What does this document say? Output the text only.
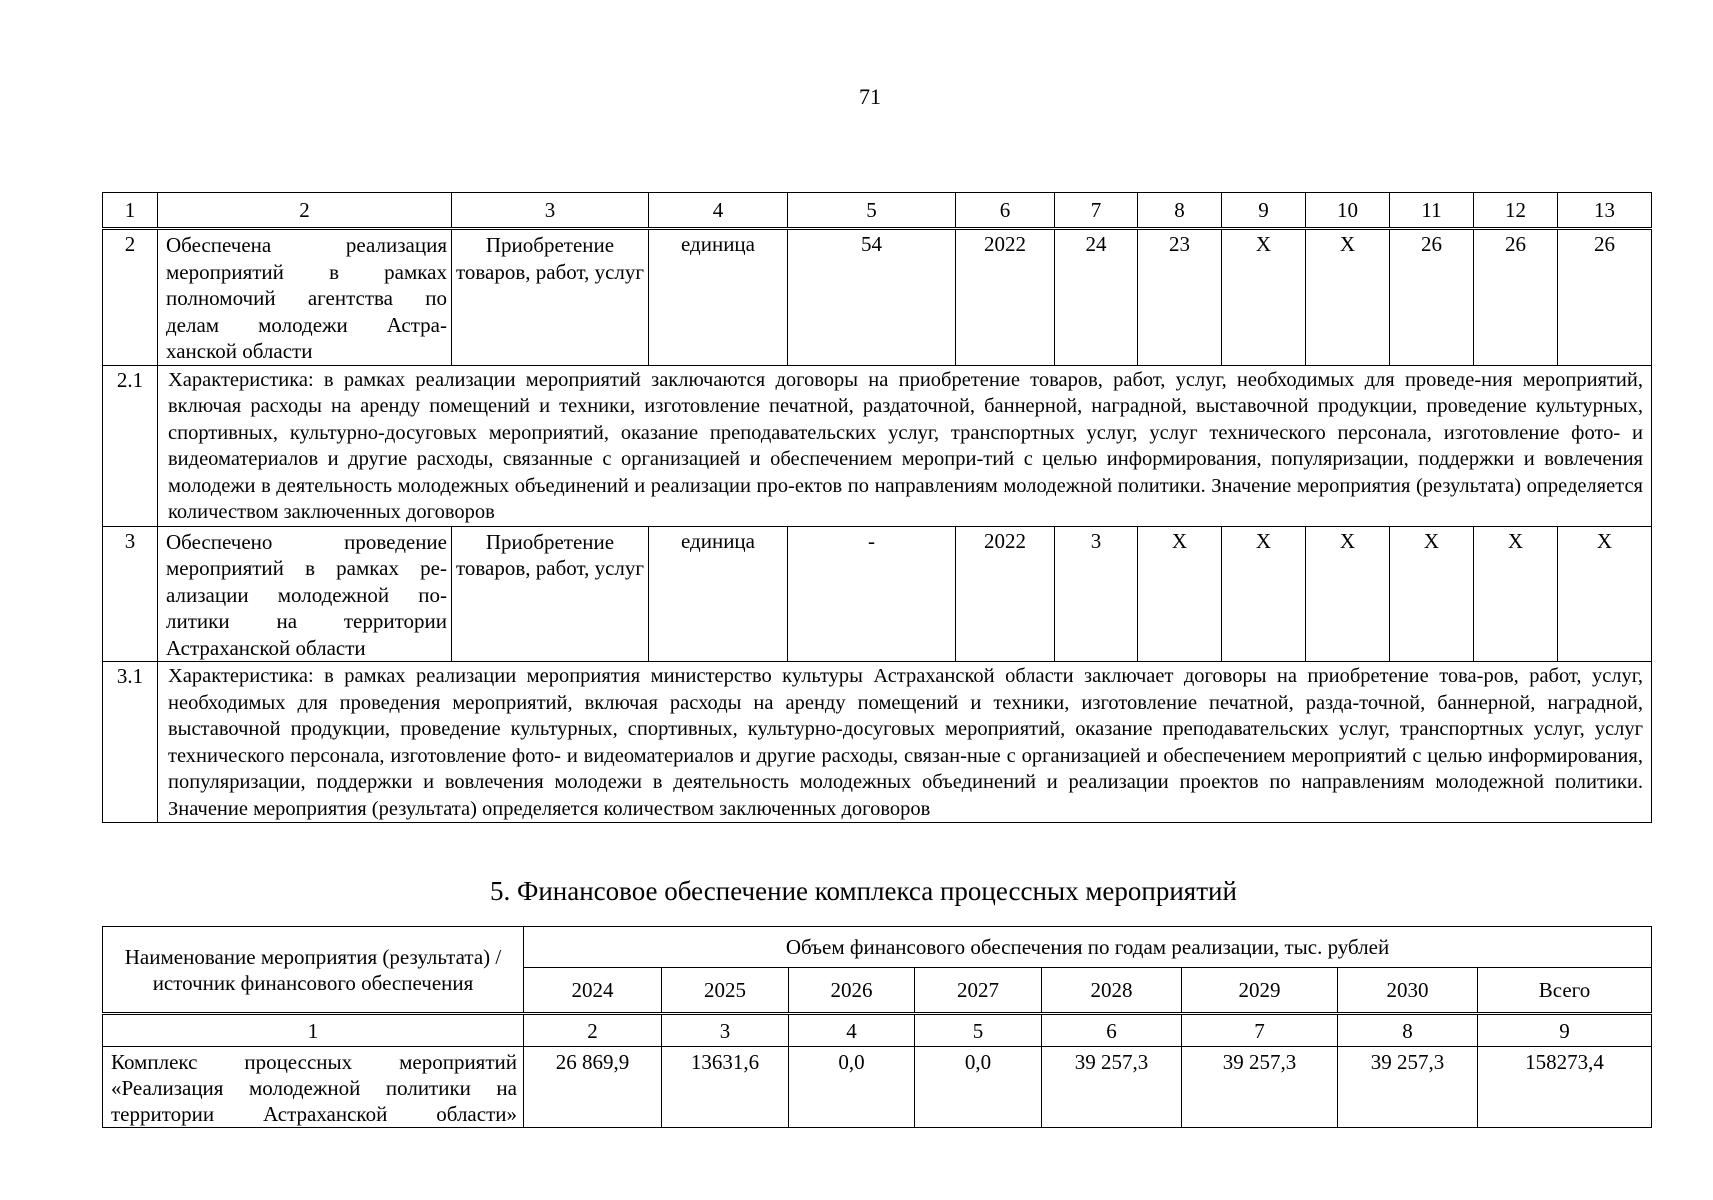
71
1	2	3	4	5	6	7	8	9	10	11	12	13
2	Обеспечена реализация мероприятий в рамках полномочий агентства по делам молодежи Астра-ханской области	Приобретение товаров, работ, услуг	единица	54	2022	24	23	X	X	26	26	26
2.1	Характеристика: в рамках реализации мероприятий заключаются договоры на приобретение товаров, работ, услуг, необходимых для проведе-ния мероприятий, включая расходы на аренду помещений и техники, изготовление печатной, раздаточной, баннерной, наградной, выставочной продукции, проведение культурных, спортивных, культурно-досуговых мероприятий, оказание преподавательских услуг, транспортных услуг, услуг технического персонала, изготовление фото- и видеоматериалов и другие расходы, связанные с организацией и обеспечением меропри-тий с целью информирования, популяризации, поддержки и вовлечения молодежи в деятельность молодежных объединений и реализации про-ектов по направлениям молодежной политики. Значение мероприятия (результата) определяется количеством заключенных договоров											
3	Обеспечено проведение мероприятий в рамках ре-ализации молодежной по-литики на территории Астраханской области	Приобретение товаров, работ, услуг	единица	-	2022	3	X	X	X	X	X	X
3.1	Характеристика: в рамках реализации мероприятия министерство культуры Астраханской области заключает договоры на приобретение това-ров, работ, услуг, необходимых для проведения мероприятий, включая расходы на аренду помещений и техники, изготовление печатной, разда-точной, баннерной, наградной, выставочной продукции, проведение культурных, спортивных, культурно-досуговых мероприятий, оказание преподавательских услуг, транспортных услуг, услуг технического персонала, изготовление фото- и видеоматериалов и другие расходы, связан-ные с организацией и обеспечением мероприятий с целью информирования, популяризации, поддержки и вовлечения молодежи в деятельность молодежных объединений и реализации проектов по направлениям молодежной политики. Значение мероприятия (результата) определяется количеством заключенных договоров											
5. Финансовое обеспечение комплекса процессных мероприятий
Наименование мероприятия (результата) / источник финансового обеспечения	Объем финансового обеспечения по годам реализации, тыс. рублей							
	2024	2025	2026	2027	2028	2029	2030	Всего
1	2	3	4	5	6	7	8	9
Комплекс процессных мероприятий «Реализация молодежной политики на территории Астраханской области»	26 869,9	13631,6	0,0	0,0	39 257,3	39 257,3	39 257,3	158273,4
